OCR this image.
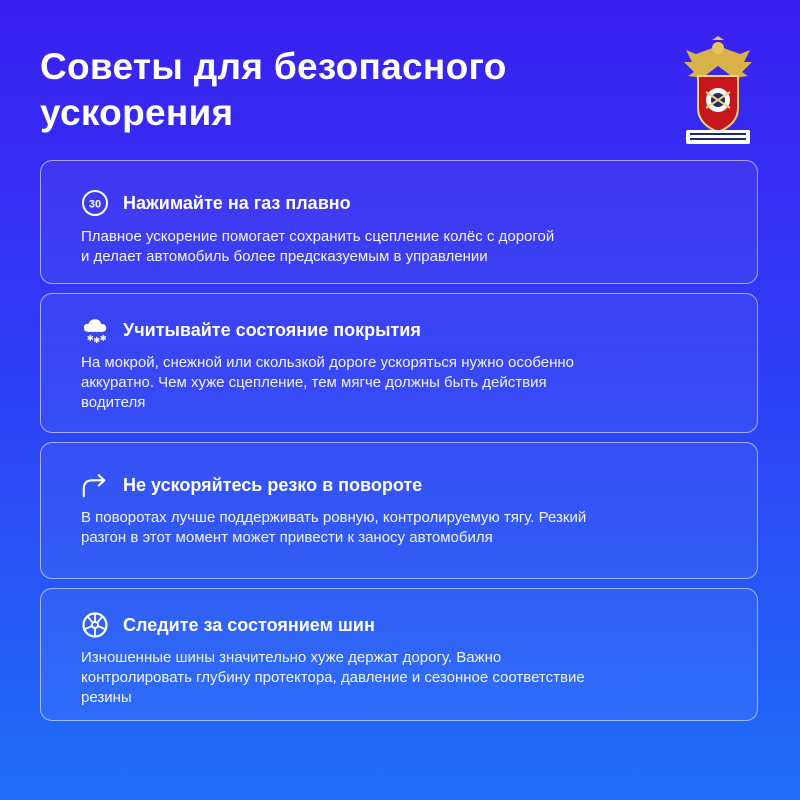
Советы для безопасного
ускорения
30 Нажимайте на газ плавно
Плавное ускорение помогает сохранить сцепление колёс с дорогой
и делает автомобиль более предсказуемым в управлении
✱ ✱ ✱ Учитывайте состояние покрытия
На мокрой, снежной или скользкой дороге ускоряться нужно особенно
аккуратно. Чем хуже сцепление, тем мягче должны быть действия
водителя
Не ускоряйтесь резко в повороте
В поворотах лучше поддерживать ровную, контролируемую тягу. Резкий
разгон в этот момент может привести к заносу автомобиля
Следите за состоянием шин
Изношенные шины значительно хуже держат дорогу. Важно
контролировать глубину протектора, давление и сезонное соответствие
резины
